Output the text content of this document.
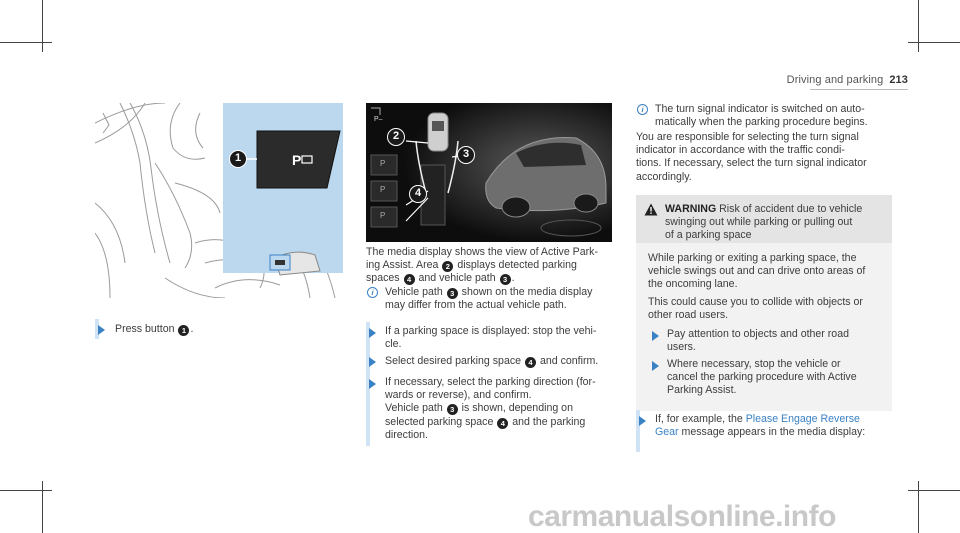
Driving and parking 213
P
1
P–
P
P
P
2
3
4
Press button 1 .
The media display shows the view of Active Park-
ing Assist. Area 2 displays detected parking
spaces 4 and vehicle path 3 .
i	Vehicle path 3 shown on the media display
may differ from the actual vehicle path.
If a parking space is displayed: stop the vehi-
cle.
Select desired parking space 4 and confirm.
If necessary, select the parking direction (for-
wards or reverse), and confirm.
Vehicle path 3 is shown, depending on
selected parking space 4 and the parking
direction.
i	The turn signal indicator is switched on auto-
matically when the parking procedure begins.
You are responsible for selecting the turn signal
indicator in accordance with the traffic condi-
tions. If necessary, select the turn signal indicator
accordingly.
WARNING Risk of accident due to vehicle
swinging out while parking or pulling out
of a parking space
While parking or exiting a parking space, the
vehicle swings out and can drive onto areas of
the oncoming lane.
This could cause you to collide with objects or
other road users.
Pay attention to objects and other road
users.
Where necessary, stop the vehicle or
cancel the parking procedure with Active
Parking Assist.
If, for example, the Please Engage Reverse
Gear message appears in the media display:
carmanualsonline.info
